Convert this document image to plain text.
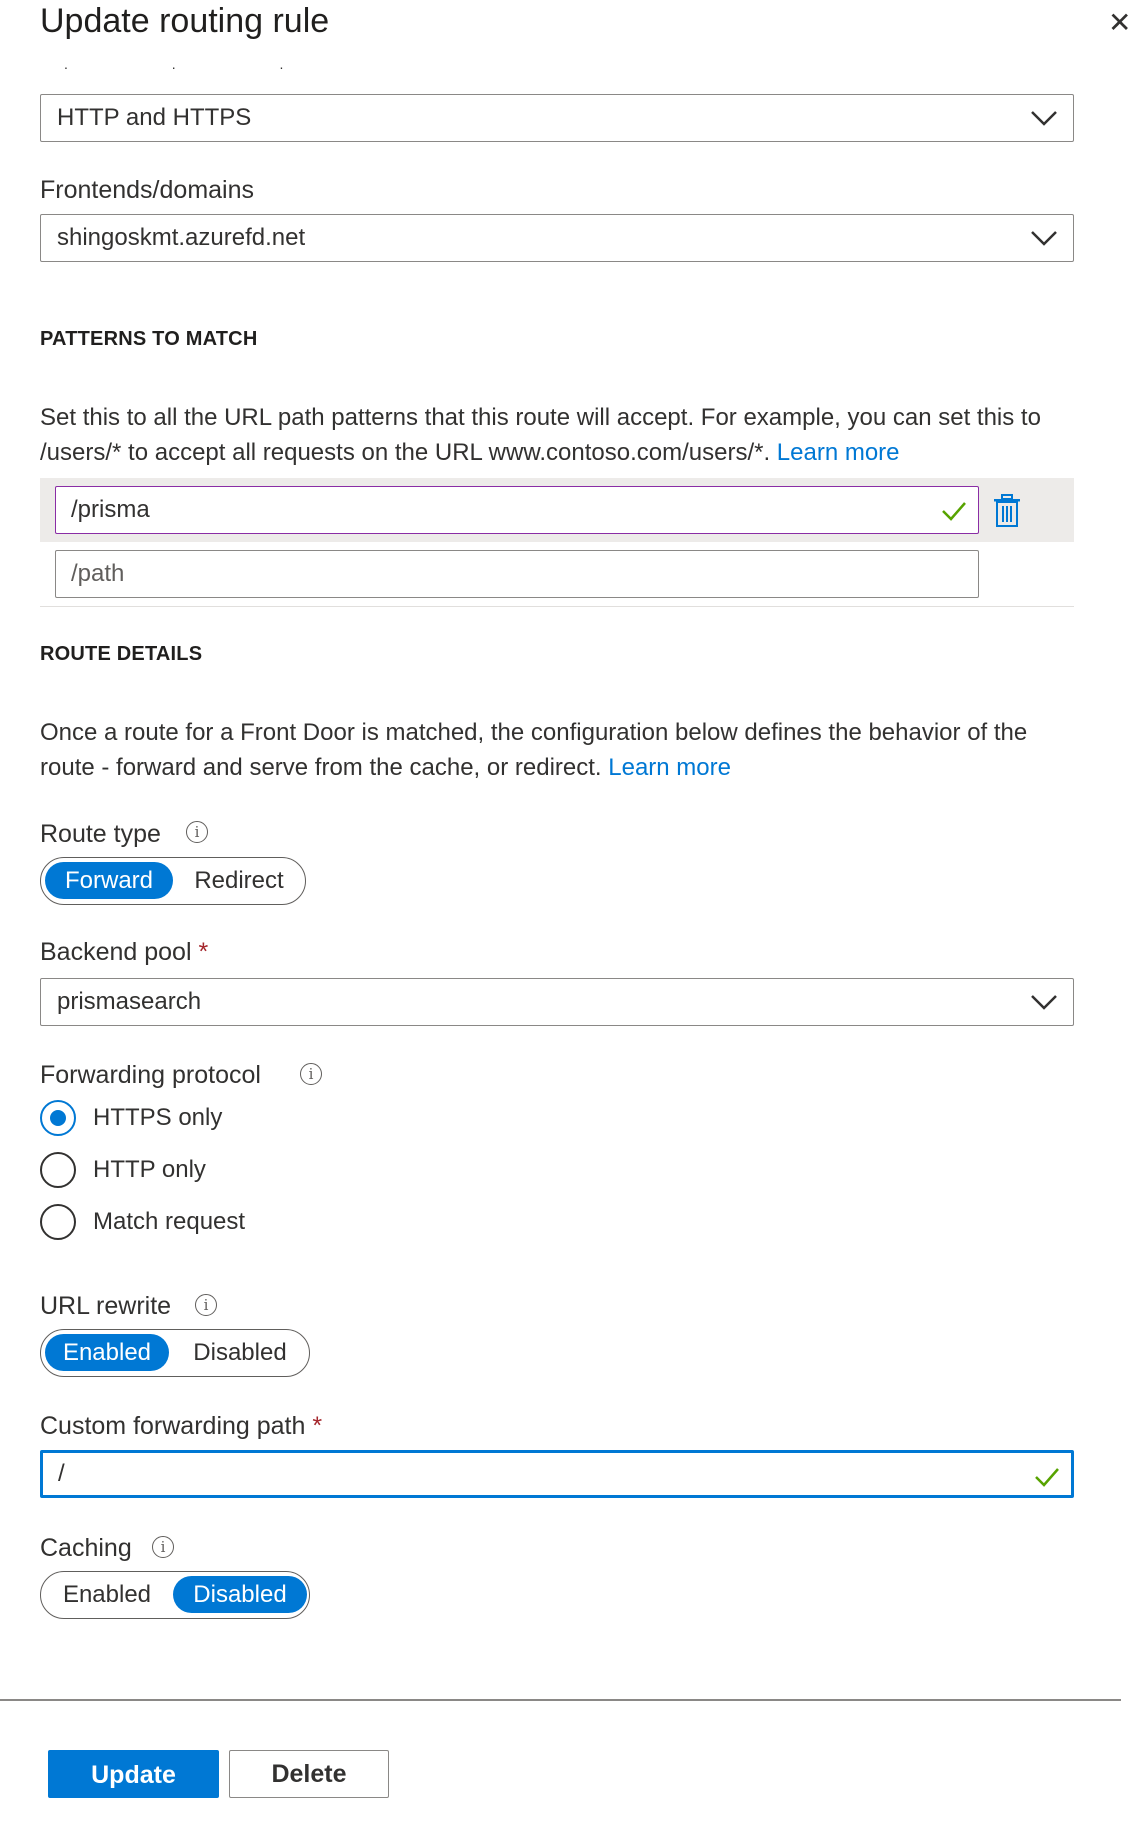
Update routing rule	✕
. . .
HTTP and HTTPS
Frontends/domains
shingoskmt.azurefd.net
PATTERNS TO MATCH
Set this to all the URL path patterns that this route will accept. For example, you can set this to /users/* to accept all requests on the URL www.contoso.com/users/*. Learn more
/prisma
/path
ROUTE DETAILS
Once a route for a Front Door is matched, the configuration below defines the behavior of the route - forward and serve from the cache, or redirect. Learn more
Route type	i
Forward	Redirect
Backend pool *
prismasearch
Forwarding protocol	i
HTTPS only
HTTP only
Match request
URL rewrite	i
Enabled	Disabled
Custom forwarding path *
/
Caching	i
Enabled	Disabled
Update	Delete
